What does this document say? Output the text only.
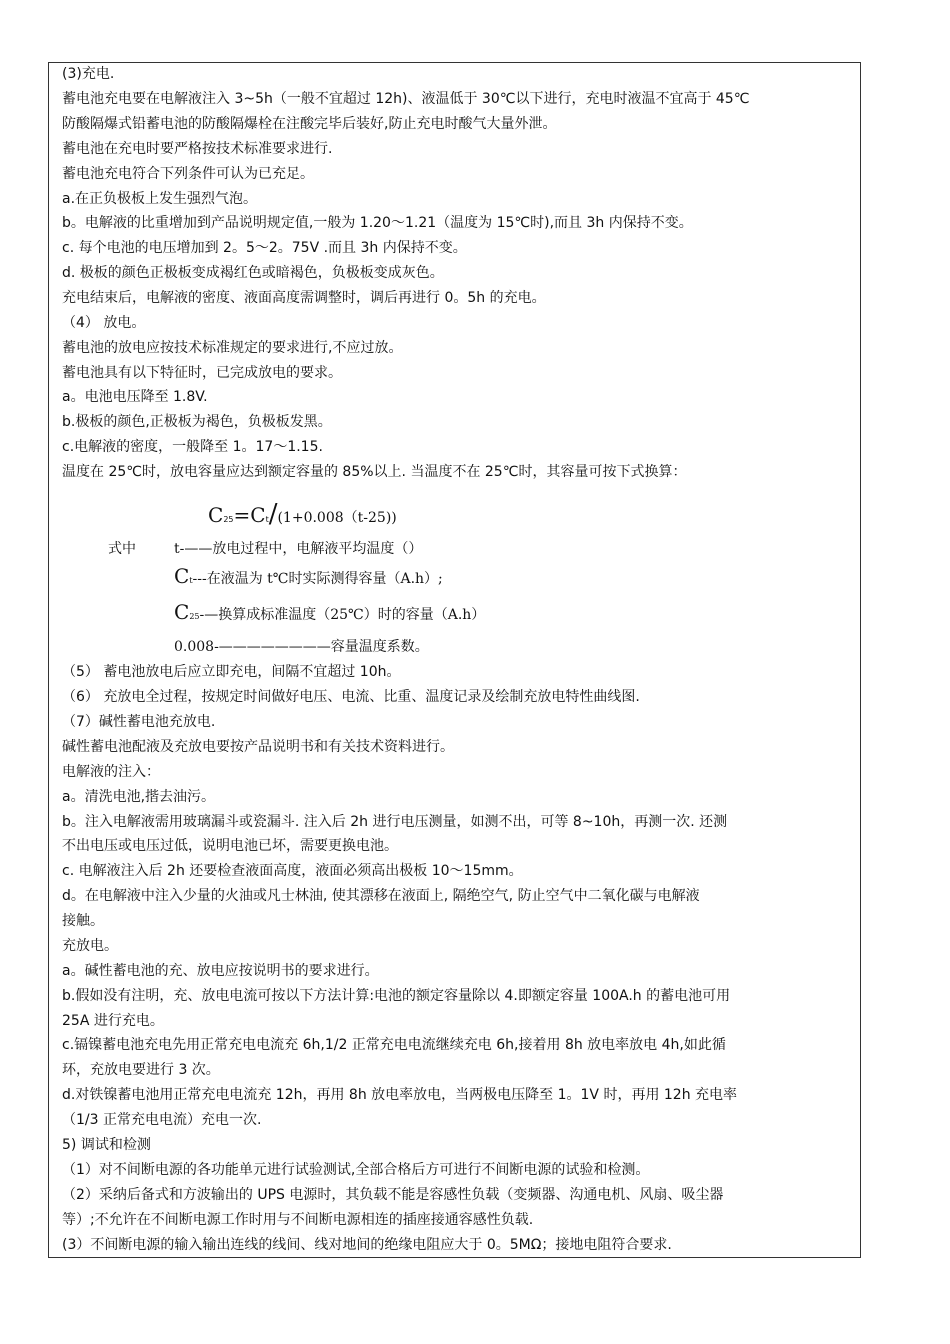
(3)充电.
蓄电池充电要在电解液注入 3~5h（一般不宜超过 12h)、液温低于 30℃以下进行，充电时液温不宜高于 45℃
防酸隔爆式铅蓄电池的防酸隔爆栓在注酸完毕后装好,防止充电时酸气大量外泄。
蓄电池在充电时要严格按技术标准要求进行.
蓄电池充电符合下列条件可认为已充足。
a.在正负极板上发生强烈气泡。
b。电解液的比重增加到产品说明规定值,一般为 1.20～1.21（温度为 15℃时),而且 3h 内保持不变。
c. 每个电池的电压增加到 2。5～2。75V .而且 3h 内保持不变。
d. 极板的颜色正极板变成褐红色或暗褐色，负极板变成灰色。
充电结束后，电解液的密度、液面高度需调整时，调后再进行 0。5h 的充电。
（4） 放电。
蓄电池的放电应按技术标准规定的要求进行,不应过放。
蓄电池具有以下特征时，已完成放电的要求。
a。电池电压降至 1.8V.
b.极板的颜色,正极板为褐色，负极板发黑。
c.电解液的密度，一般降至 1。17～1.15.
温度在 25℃时，放电容量应达到额定容量的 85%以上. 当温度不在 25℃时，其容量可按下式换算：
C25=Ct/(1+0.008（t-25))
式中	t-——放电过程中，电解液平均温度（）
Ct---在液温为 t℃时实际测得容量（A.h）;
C25-—换算成标准温度（25℃）时的容量（A.h）
0.008-————————容量温度系数。
（5） 蓄电池放电后应立即充电，间隔不宜超过 10h。
（6） 充放电全过程，按规定时间做好电压、电流、比重、温度记录及绘制充放电特性曲线图.
（7）碱性蓄电池充放电.
碱性蓄电池配液及充放电要按产品说明书和有关技术资料进行。
电解液的注入：
a。清洗电池,揩去油污。
b。注入电解液需用玻璃漏斗或瓷漏斗. 注入后 2h 进行电压测量，如测不出，可等 8~10h，再测一次. 还测
不出电压或电压过低，说明电池已坏，需要更换电池。
c. 电解液注入后 2h 还要检查液面高度，液面必须高出极板 10～15mm。
d。在电解液中注入少量的火油或凡士林油, 使其漂移在液面上, 隔绝空气, 防止空气中二氧化碳与电解液
接触。
充放电。
a。碱性蓄电池的充、放电应按说明书的要求进行。
b.假如没有注明，充、放电电流可按以下方法计算:电池的额定容量除以 4.即额定容量 100A.h 的蓄电池可用
25A 进行充电。
c.镉镍蓄电池充电先用正常充电电流充 6h,1/2 正常充电电流继续充电 6h,接着用 8h 放电率放电 4h,如此循
环，充放电要进行 3 次。
d.对铁镍蓄电池用正常充电电流充 12h，再用 8h 放电率放电，当两极电压降至 1。1V 时，再用 12h 充电率
（1/3 正常充电电流）充电一次.
5) 调试和检测
（1）对不间断电源的各功能单元进行试验测试,全部合格后方可进行不间断电源的试验和检测。
（2）采纳后备式和方波输出的 UPS 电源时，其负载不能是容感性负载（变频器、沟通电机、风扇、吸尘器
等）;不允许在不间断电源工作时用与不间断电源相连的插座接通容感性负载.
(3）不间断电源的输入输出连线的线间、线对地间的绝缘电阻应大于 0。5MΩ；接地电阻符合要求.
